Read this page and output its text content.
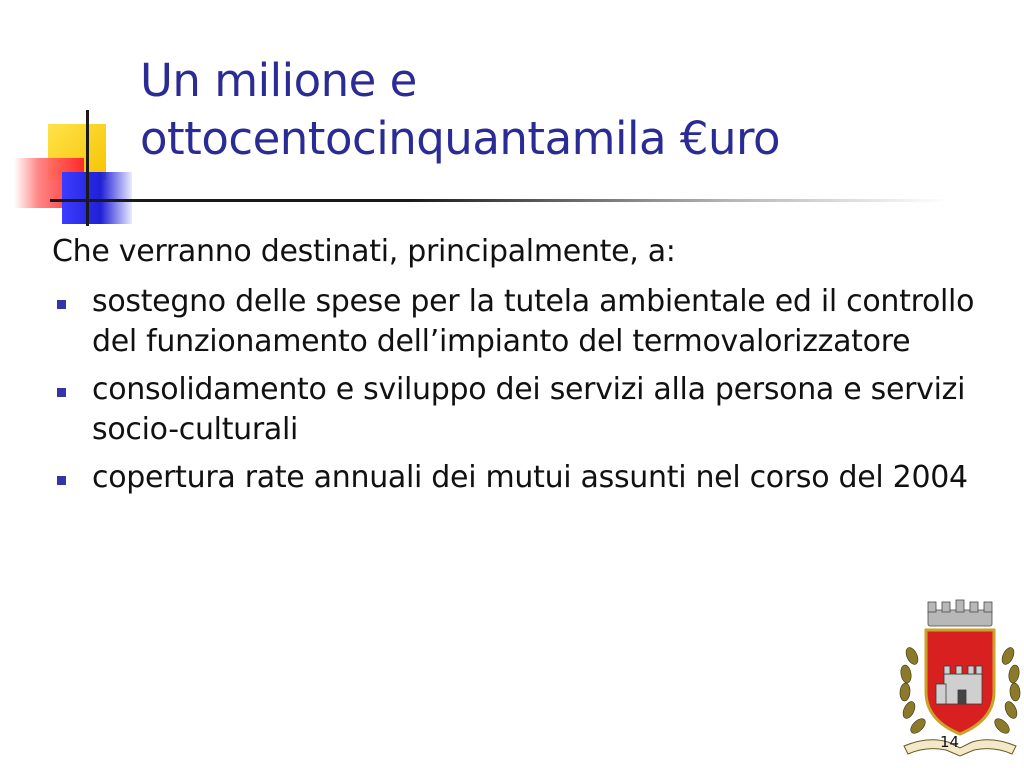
Un milione e
ottocentocinquantamila €uro

Che verranno destinati, principalmente, a:

sostegno delle spese per la tutela ambientale ed il controllo del funzionamento dell’impianto del termovalorizzatore
consolidamento e sviluppo dei servizi alla persona e servizi socio-culturali
copertura rate annuali dei mutui assunti nel corso del 2004
14
